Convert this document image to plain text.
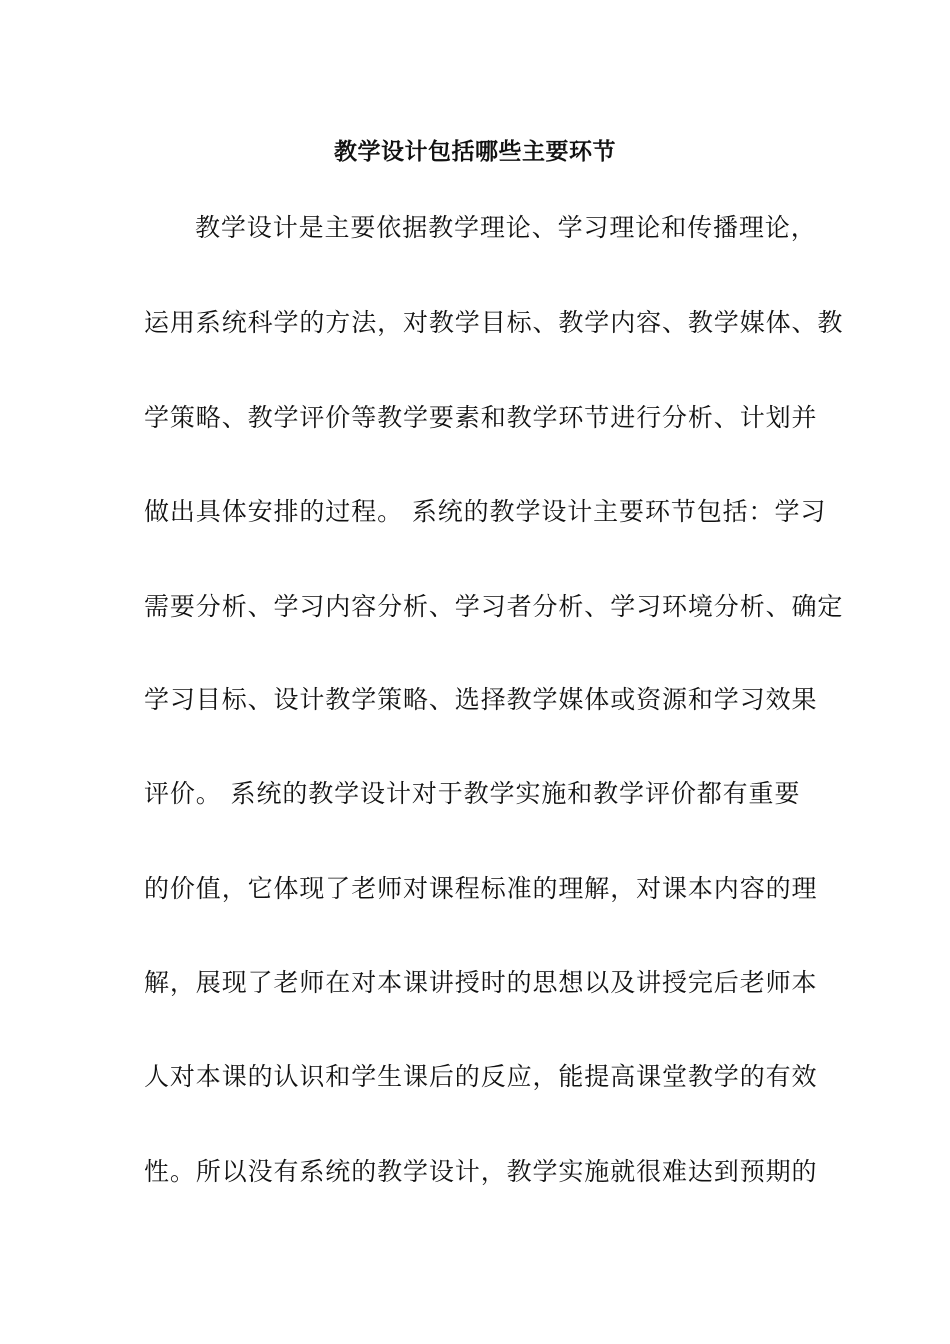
教学设计包括哪些主要环节
教学设计是主要依据教学理论、学习理论和传播理论，
运用系统科学的方法，对教学目标、教学内容、教学媒体、教
学策略、教学评价等教学要素和教学环节进行分析、计划并
做出具体安排的过程。 系统的教学设计主要环节包括：学习
需要分析、学习内容分析、学习者分析、学习环境分析、确定
学习目标、设计教学策略、选择教学媒体或资源和学习效果
评价。 系统的教学设计对于教学实施和教学评价都有重要
的价值，它体现了老师对课程标准的理解，对课本内容的理
解，展现了老师在对本课讲授时的思想以及讲授完后老师本
人对本课的认识和学生课后的反应，能提高课堂教学的有效
性。所以没有系统的教学设计，教学实施就很难达到预期的
